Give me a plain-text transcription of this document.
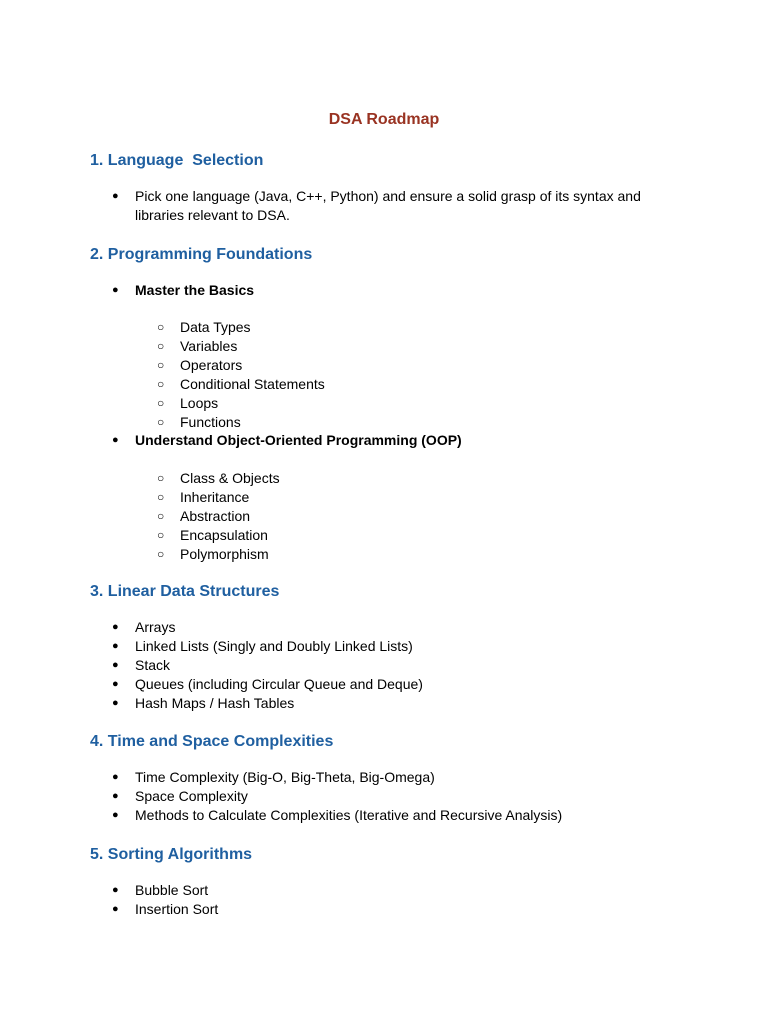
DSA Roadmap
1. Language  Selection
●	Pick one language (Java, C++, Python) and ensure a solid grasp of its syntax and libraries relevant to DSA.
2. Programming Foundations
●	Master the Basics
○	Data Types
○	Variables
○	Operators
○	Conditional Statements
○	Loops
○	Functions
●	Understand Object-Oriented Programming (OOP)
○	Class & Objects
○	Inheritance
○	Abstraction
○	Encapsulation
○	Polymorphism
3. Linear Data Structures
●	Arrays
●	Linked Lists (Singly and Doubly Linked Lists)
●	Stack
●	Queues (including Circular Queue and Deque)
●	Hash Maps / Hash Tables
4. Time and Space Complexities
●	Time Complexity (Big-O, Big-Theta, Big-Omega)
●	Space Complexity
●	Methods to Calculate Complexities (Iterative and Recursive Analysis)
5. Sorting Algorithms
●	Bubble Sort
●	Insertion Sort
